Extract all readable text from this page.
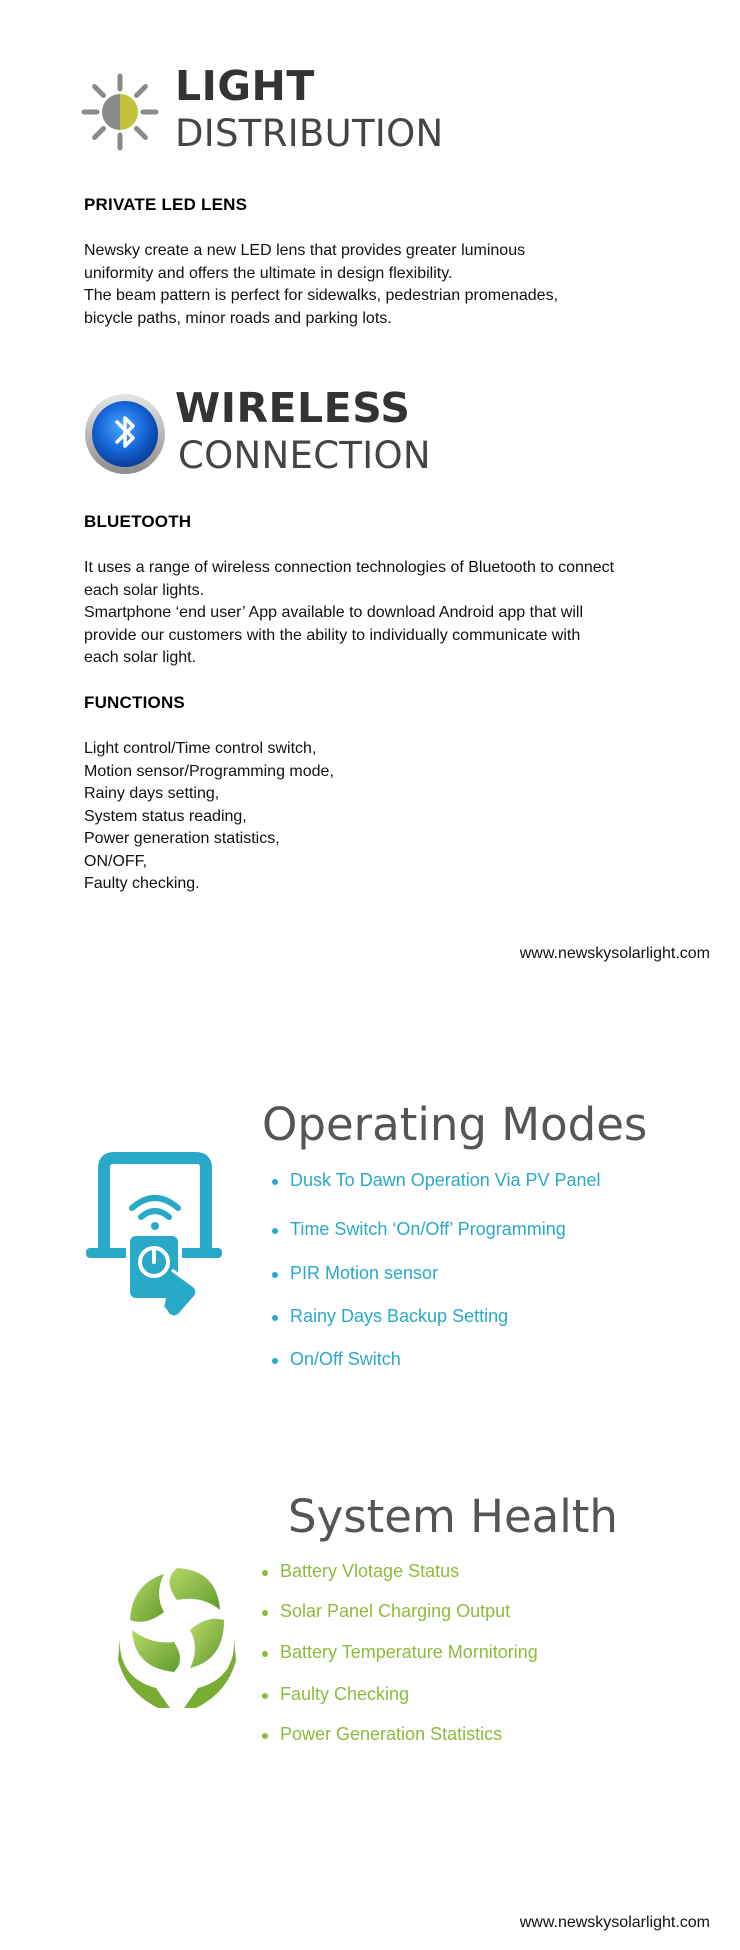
LIGHT
DISTRIBUTION
PRIVATE LED LENS
Newsky create a new LED lens that provides greater luminous
uniformity and offers the ultimate in design flexibility.
The beam pattern is perfect for sidewalks, pedestrian promenades,
bicycle paths, minor roads and parking lots.
WIRELESS
CONNECTION
BLUETOOTH
It uses a range of wireless connection technologies of Bluetooth to connect
each solar lights.
Smartphone ‘end user’ App available to download Android app that will
provide our customers with the ability to individually communicate with
each solar light.
FUNCTIONS
Light control/Time control switch,
Motion sensor/Programming mode,
Rainy days setting,
System status reading,
Power generation statistics,
ON/OFF,
Faulty checking.
www.newskysolarlight.com
Operating Modes
Dusk To Dawn Operation Via PV Panel
Time Switch ‘On/Off’ Programming
PIR Motion sensor
Rainy Days Backup Setting
On/Off Switch
System Health
Battery Vlotage Status
Solar Panel Charging Output
Battery Temperature Mornitoring
Faulty Checking
Power Generation Statistics
www.newskysolarlight.com
